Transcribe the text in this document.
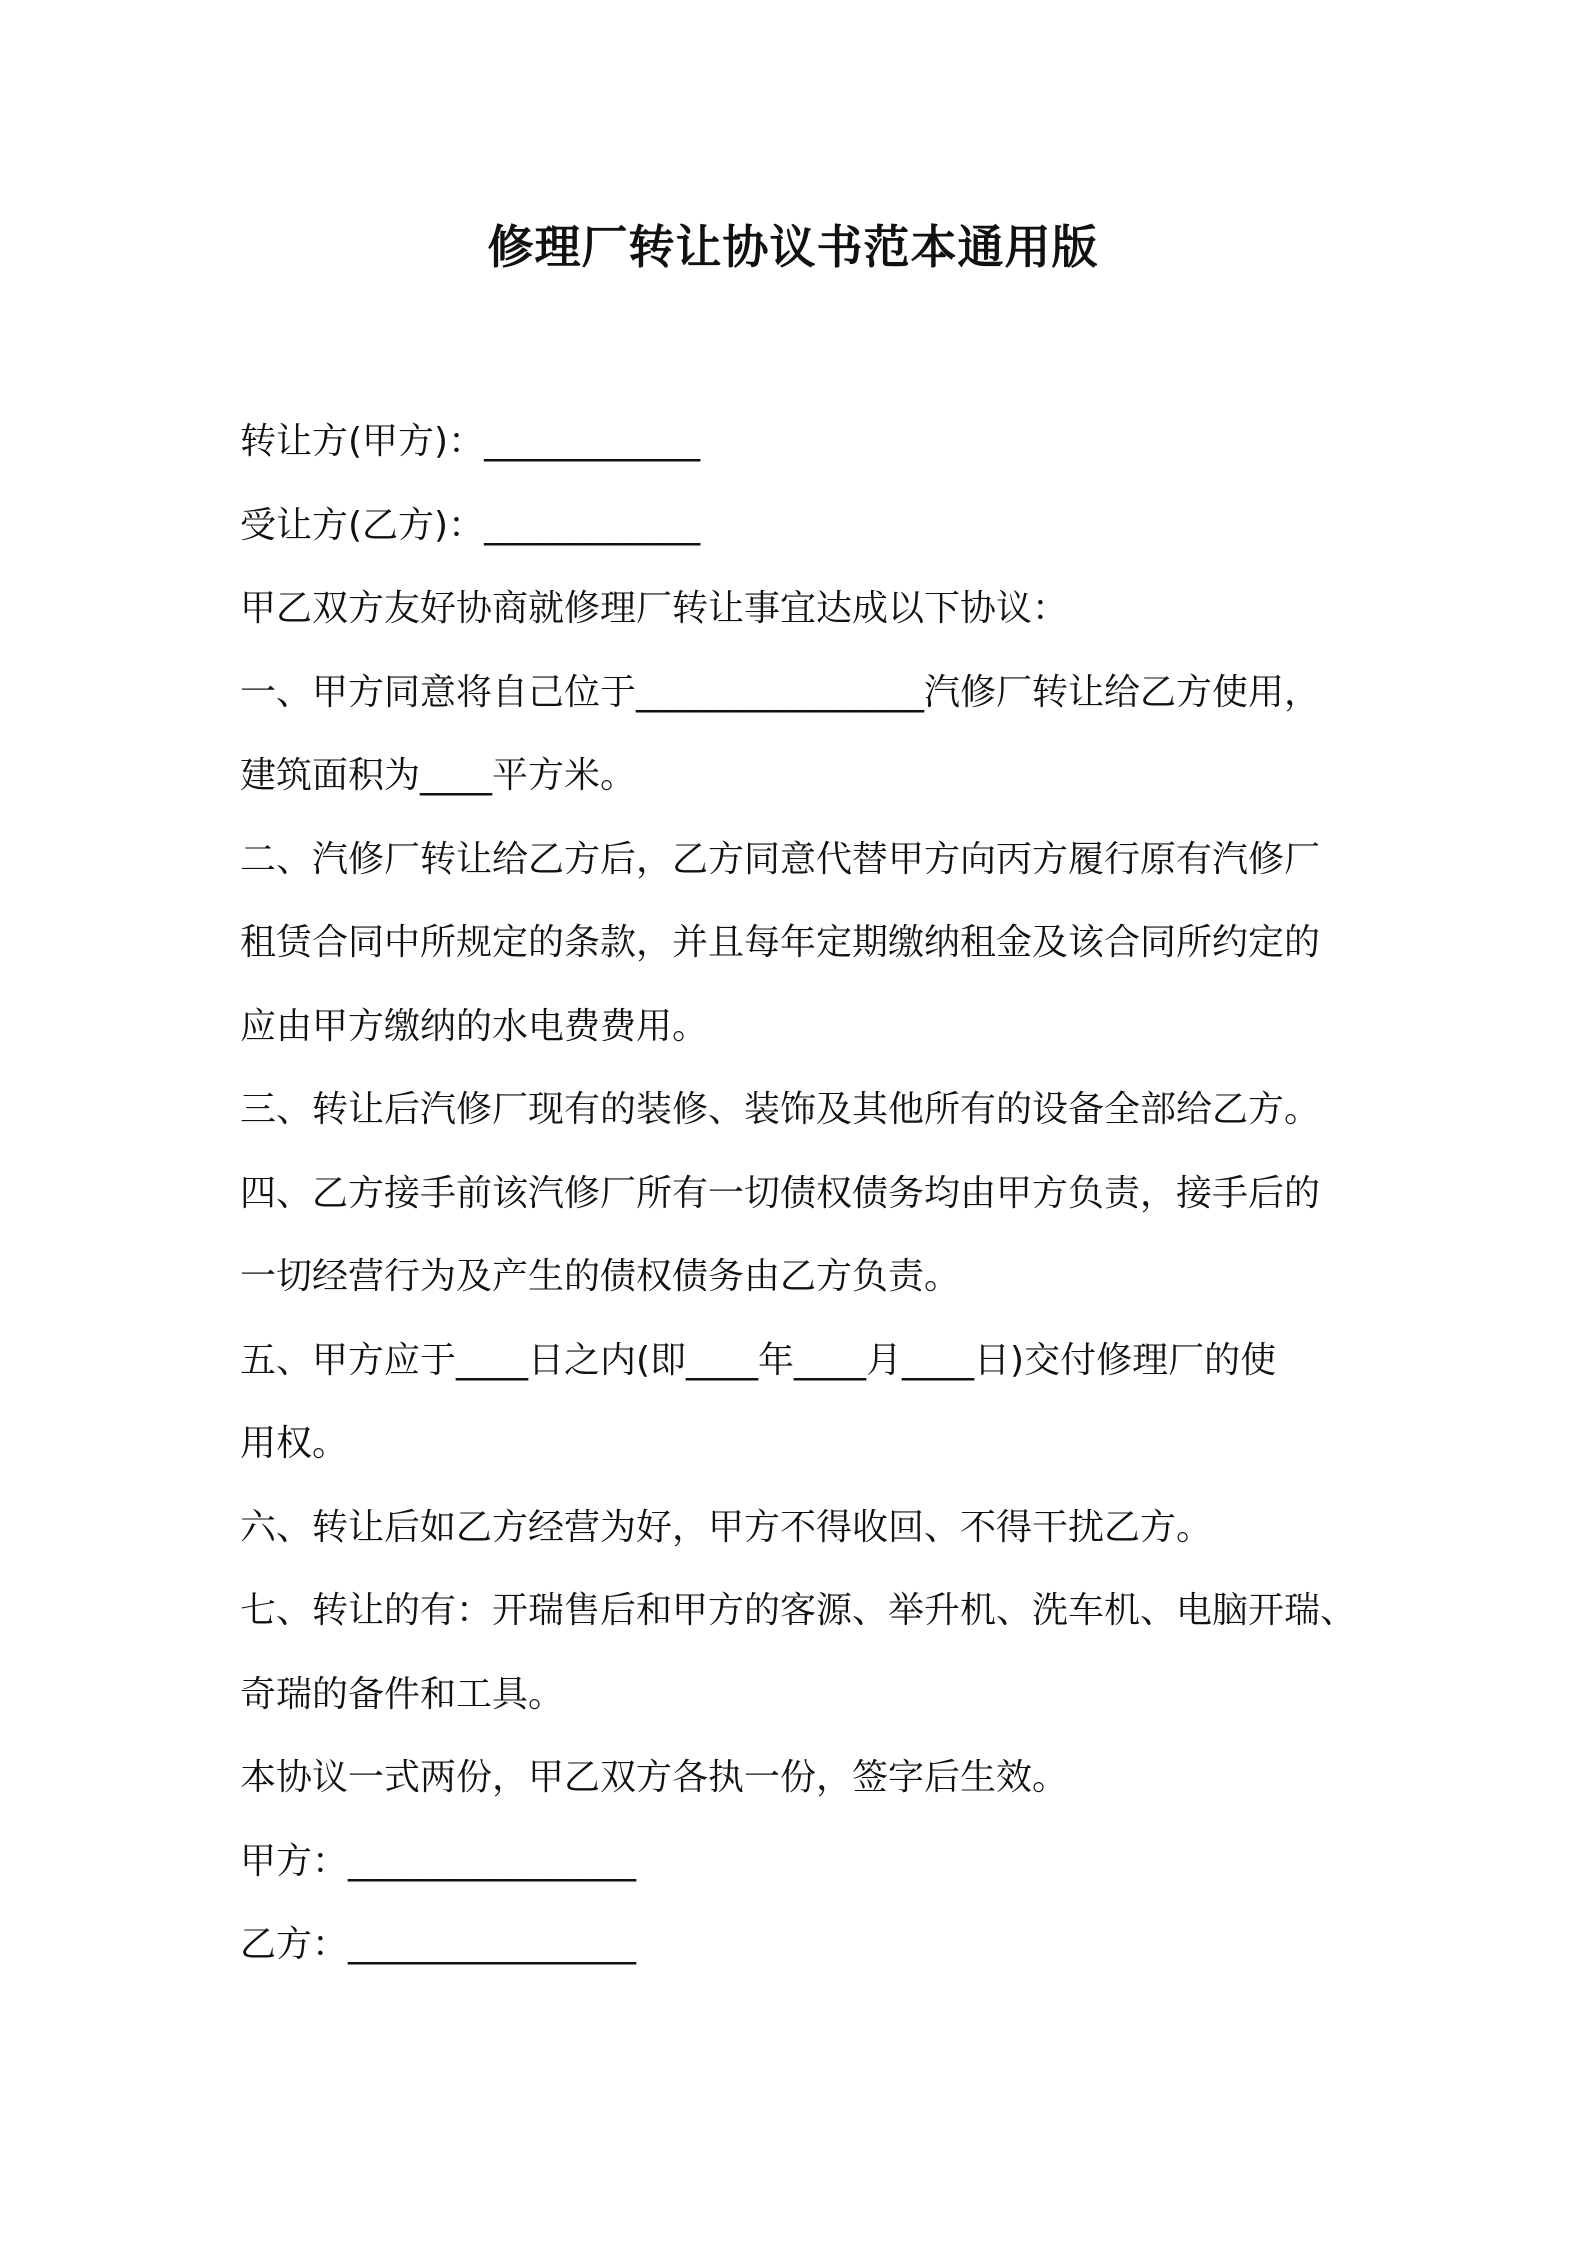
修理厂转让协议书范本通用版

转让方(甲方)：____________

受让方(乙方)：____________

甲乙双方友好协商就修理厂转让事宜达成以下协议：

一、甲方同意将自己位于________________汽修厂转让给乙方使用，

建筑面积为____平方米。

二、汽修厂转让给乙方后，乙方同意代替甲方向丙方履行原有汽修厂

租赁合同中所规定的条款，并且每年定期缴纳租金及该合同所约定的

应由甲方缴纳的水电费费用。

三、转让后汽修厂现有的装修、装饰及其他所有的设备全部给乙方。

四、乙方接手前该汽修厂所有一切债权债务均由甲方负责，接手后的

一切经营行为及产生的债权债务由乙方负责。

五、甲方应于____日之内(即____年____月____日)交付修理厂的使

用权。

六、转让后如乙方经营为好，甲方不得收回、不得干扰乙方。

七、转让的有：开瑞售后和甲方的客源、举升机、洗车机、电脑开瑞、

奇瑞的备件和工具。

本协议一式两份，甲乙双方各执一份，签字后生效。

甲方：________________

乙方：________________
